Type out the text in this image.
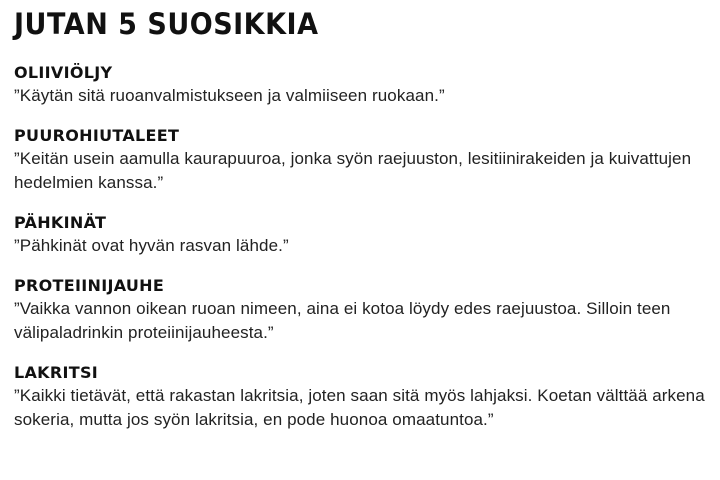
JUTAN 5 SUOSIKKIA
OLIIVIÖLJY

”Käytän sitä ruoanvalmistukseen ja valmiiseen ruokaan.”

PUUROHIUTALEET

”Keitän usein aamulla kaurapuuroa, jonka syön raejuuston, lesitiinirakeiden ja kuivattujen hedelmien kanssa.”

PÄHKINÄT

”Pähkinät ovat hyvän rasvan lähde.”

PROTEIINIJAUHE

”Vaikka vannon oikean ruoan nimeen, aina ei kotoa löydy edes raejuustoa. Silloin teen välipaladrinkin proteiinijauheesta.”

LAKRITSI

”Kaikki tietävät, että rakastan lakritsia, joten saan sitä myös lahjaksi. Koetan välttää arkena sokeria, mutta jos syön lakritsia, en pode huonoa omaatuntoa.”
